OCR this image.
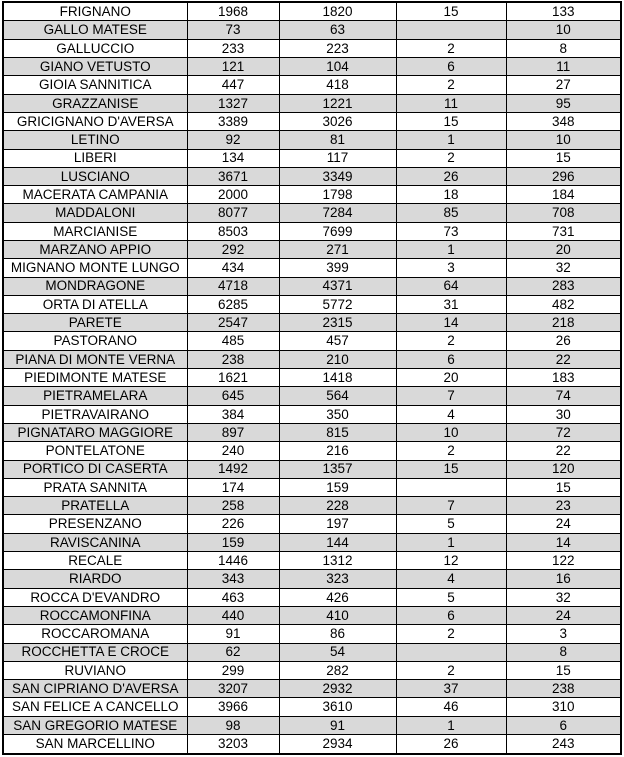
FRIGNANO	1968	1820	15	133
GALLO MATESE	73	63		10
GALLUCCIO	233	223	2	8
GIANO VETUSTO	121	104	6	11
GIOIA SANNITICA	447	418	2	27
GRAZZANISE	1327	1221	11	95
GRICIGNANO D'AVERSA	3389	3026	15	348
LETINO	92	81	1	10
LIBERI	134	117	2	15
LUSCIANO	3671	3349	26	296
MACERATA CAMPANIA	2000	1798	18	184
MADDALONI	8077	7284	85	708
MARCIANISE	8503	7699	73	731
MARZANO APPIO	292	271	1	20
MIGNANO MONTE LUNGO	434	399	3	32
MONDRAGONE	4718	4371	64	283
ORTA DI ATELLA	6285	5772	31	482
PARETE	2547	2315	14	218
PASTORANO	485	457	2	26
PIANA DI MONTE VERNA	238	210	6	22
PIEDIMONTE MATESE	1621	1418	20	183
PIETRAMELARA	645	564	7	74
PIETRAVAIRANO	384	350	4	30
PIGNATARO MAGGIORE	897	815	10	72
PONTELATONE	240	216	2	22
PORTICO DI CASERTA	1492	1357	15	120
PRATA SANNITA	174	159		15
PRATELLA	258	228	7	23
PRESENZANO	226	197	5	24
RAVISCANINA	159	144	1	14
RECALE	1446	1312	12	122
RIARDO	343	323	4	16
ROCCA D'EVANDRO	463	426	5	32
ROCCAMONFINA	440	410	6	24
ROCCAROMANA	91	86	2	3
ROCCHETTA E CROCE	62	54		8
RUVIANO	299	282	2	15
SAN CIPRIANO D'AVERSA	3207	2932	37	238
SAN FELICE A CANCELLO	3966	3610	46	310
SAN GREGORIO MATESE	98	91	1	6
SAN MARCELLINO	3203	2934	26	243
